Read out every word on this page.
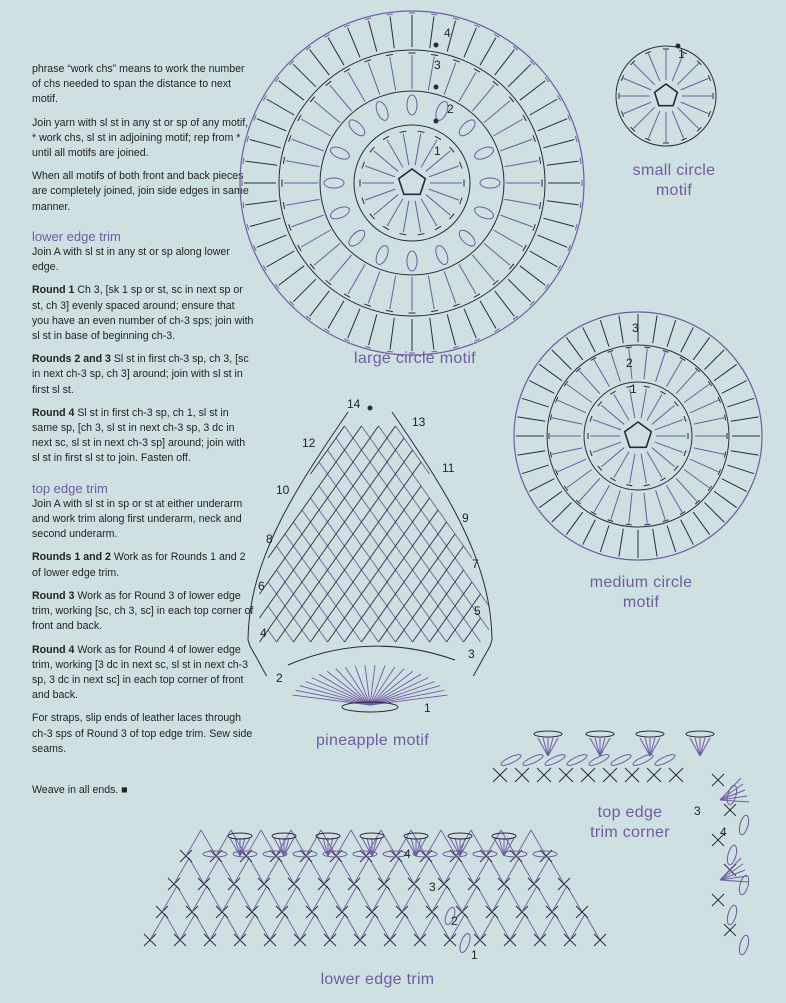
phrase “work chs” means to work the number of chs needed to span the distance to next motif.

Join yarn with sl st in any st or sp of any motif, * work chs, sl st in adjoining motif; rep from * until all motifs are joined.

When all motifs of both front and back pieces are completely joined, join side edges in same manner.

lower edge trim

Join A with sl st in any st or sp along lower edge.

Round 1 Ch 3, [sk 1 sp or st, sc in next sp or st, ch 3] evenly spaced around; ensure that you have an even number of ch-3 sps; join with sl st in base of beginning ch-3.

Rounds 2 and 3 Sl st in first ch-3 sp, ch 3, [sc in next ch-3 sp, ch 3] around; join with sl st in first sl st.

Round 4 Sl st in first ch-3 sp, ch 1, sl st in same sp, [ch 3, sl st in next ch-3 sp, 3 dc in next sc, sl st in next ch-3 sp] around; join with sl st in first sl st to join. Fasten off.

top edge trim

Join A with sl st in sp or st at either underarm and work trim along first underarm, neck and second underarm.

Rounds 1 and 2 Work as for Rounds 1 and 2 of lower edge trim.

Round 3 Work as for Round 3 of lower edge trim, working [sc, ch 3, sc] in each top corner of front and back.

Round 4 Work as for Round 4 of lower edge trim, working [3 dc in next sc, sl st in next ch-3 sp, 3 dc in next sc] in each top corner of front and back.

For straps, slip ends of leather laces through ch-3 sps of Round 3 of top edge trim. Sew side seams.

Weave in all ends. ■

1
2
3
4
1
1
2
3
1
2
3
4
5
6
7
8
9
10
11
12
13
14
3
4
1
2
3
4
large circle motif
small circle
motif
medium circle
motif
pineapple motif
top edge
trim corner
lower edge trim
